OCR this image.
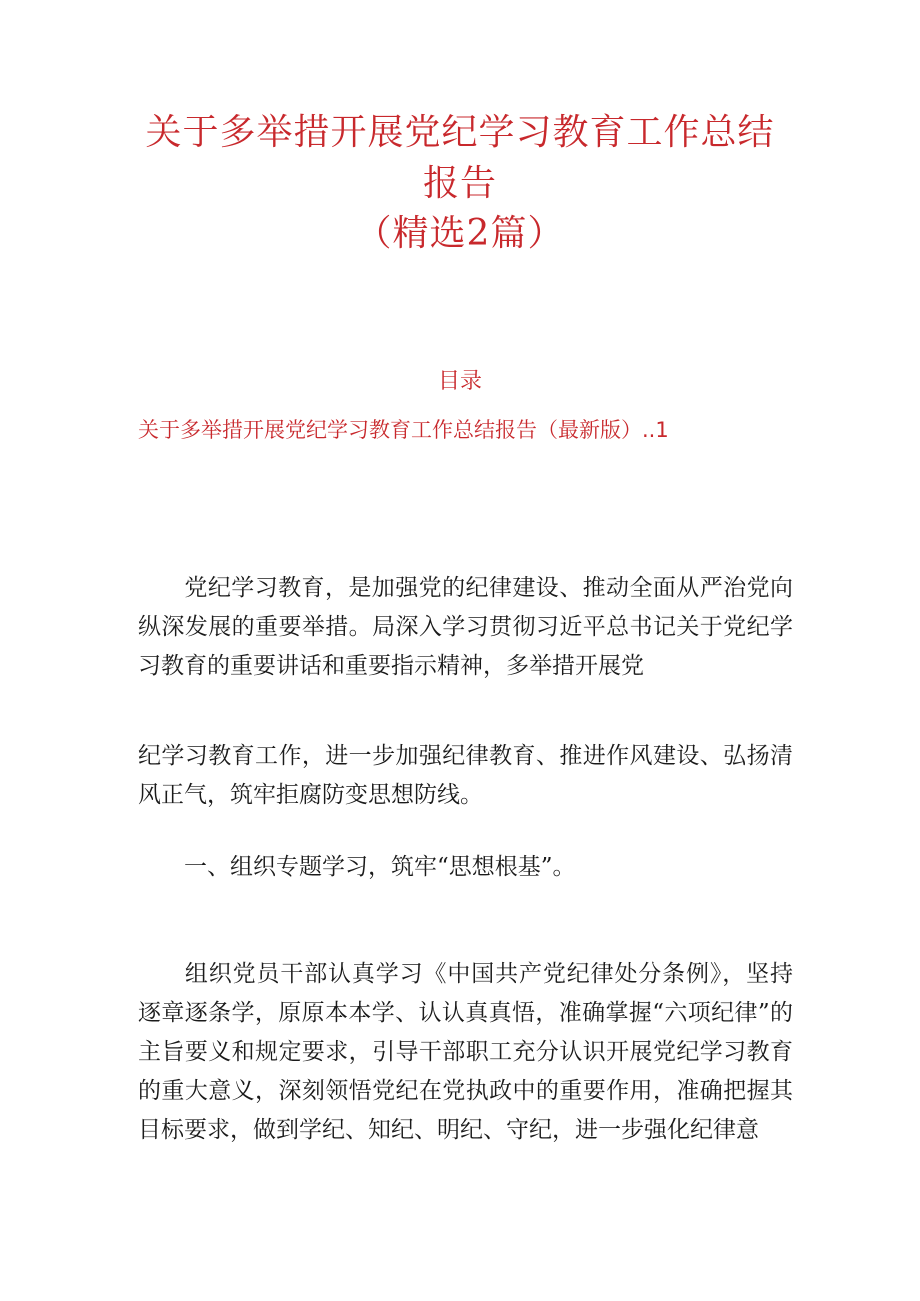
关于多举措开展党纪学习教育工作总结
报告
（精选2篇）
目录
关于多举措开展党纪学习教育工作总结报告（最新版）..1

党纪学习教育，是加强党的纪律建设、推动全面从严治党向纵深发展的重要举措。局深入学习贯彻习近平总书记关于党纪学习教育的重要讲话和重要指示精神，多举措开展党

纪学习教育工作，进一步加强纪律教育、推进作风建设、弘扬清风正气，筑牢拒腐防变思想防线。

一、组织专题学习，筑牢“思想根基”。

组织党员干部认真学习《中国共产党纪律处分条例》，坚持逐章逐条学，原原本本学、认认真真悟，准确掌握“六项纪律”的主旨要义和规定要求，引导干部职工充分认识开展党纪学习教育的重大意义，深刻领悟党纪在党执政中的重要作用，准确把握其目标要求，做到学纪、知纪、明纪、守纪，进一步强化纪律意
